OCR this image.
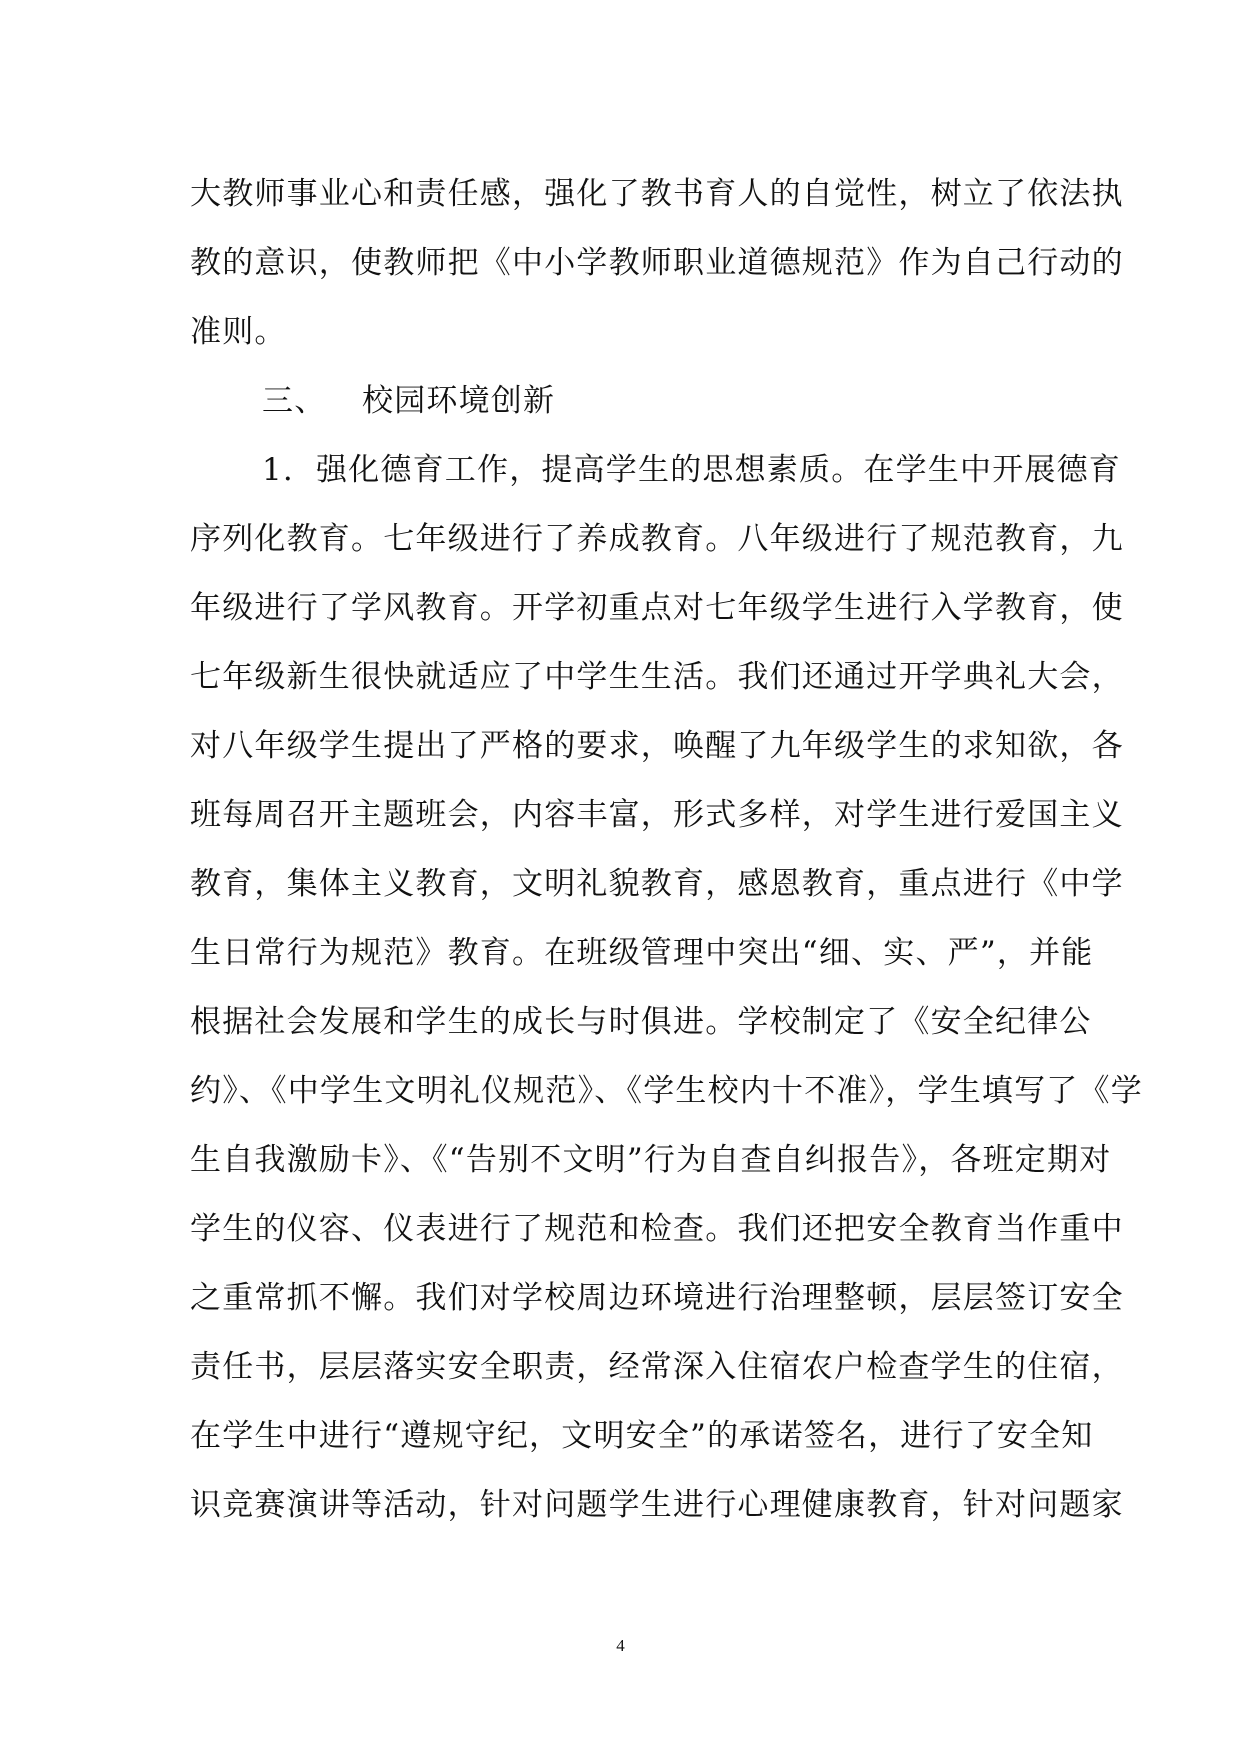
大教师事业心和责任感，强化了教书育人的自觉性，树立了依法执
教的意识，使教师把《中小学教师职业道德规范》作为自己行动的
准则。
三、 校园环境创新
1. 强化德育工作，提高学生的思想素质。在学生中开展德育
序列化教育。七年级进行了养成教育。八年级进行了规范教育，九
年级进行了学风教育。开学初重点对七年级学生进行入学教育，使
七年级新生很快就适应了中学生生活。我们还通过开学典礼大会，
对八年级学生提出了严格的要求，唤醒了九年级学生的求知欲，各
班每周召开主题班会，内容丰富，形式多样，对学生进行爱国主义
教育，集体主义教育，文明礼貌教育，感恩教育，重点进行《中学
生日常行为规范》教育。在班级管理中突出“细、实、严”，并能
根据社会发展和学生的成长与时俱进。学校制定了《安全纪律公
约》、《中学生文明礼仪规范》、《学生校内十不准》，学生填写了《学
生自我激励卡》、《“告别不文明”行为自查自纠报告》，各班定期对
学生的仪容、仪表进行了规范和检查。我们还把安全教育当作重中
之重常抓不懈。我们对学校周边环境进行治理整顿，层层签订安全
责任书，层层落实安全职责，经常深入住宿农户检查学生的住宿，
在学生中进行“遵规守纪，文明安全”的承诺签名，进行了安全知
识竞赛演讲等活动，针对问题学生进行心理健康教育，针对问题家
4
